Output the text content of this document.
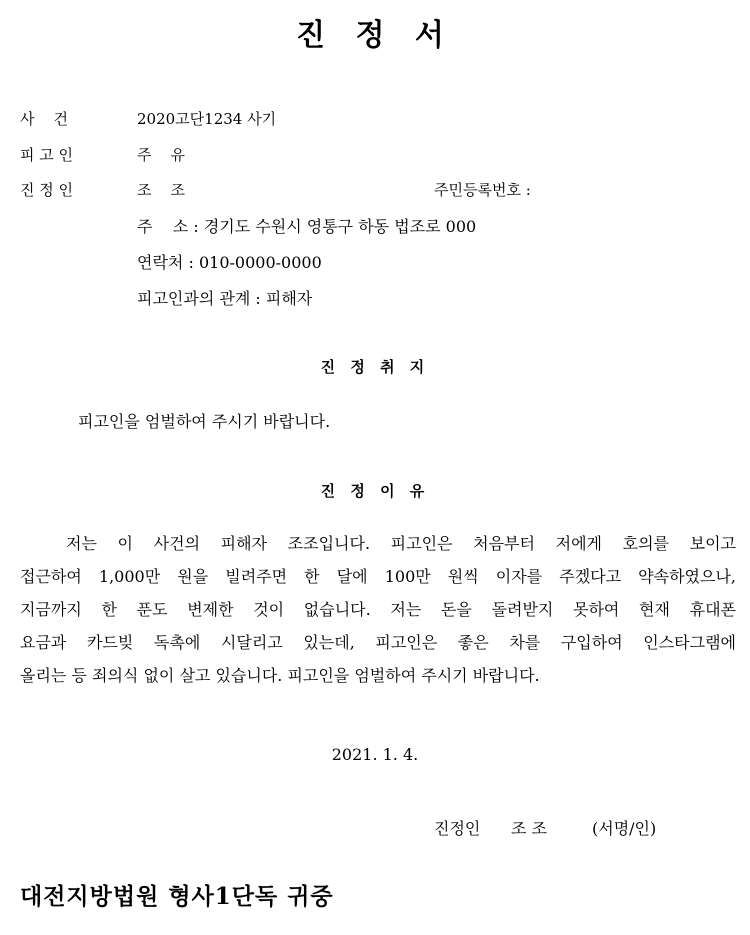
진 정 서
사    건	2020고단1234 사기
피 고 인	주    유
진 정 인	조    조	주민등록번호 :
주    소 : 경기도 수원시 영통구 하동 법조로 000
연락처 : 010-0000-0000
피고인과의 관계 : 피해자
진 정 취 지
피고인을 엄벌하여 주시기 바랍니다.
진 정 이 유
저는 이 사건의 피해자 조조입니다. 피고인은 처음부터 저에게 호의를 보이고
접근하여 1,000만 원을 빌려주면 한 달에 100만 원씩 이자를 주겠다고 약속하였으나,
지금까지 한 푼도 변제한 것이 없습니다. 저는 돈을 돌려받지 못하여 현재 휴대폰
요금과 카드빚 독촉에 시달리고 있는데, 피고인은 좋은 차를 구입하여 인스타그램에
올리는 등 죄의식 없이 살고 있습니다. 피고인을 엄벌하여 주시기 바랍니다.
2021. 1. 4.
진정인 조 조	(서명/인)
대전지방법원 형사1단독 귀중
